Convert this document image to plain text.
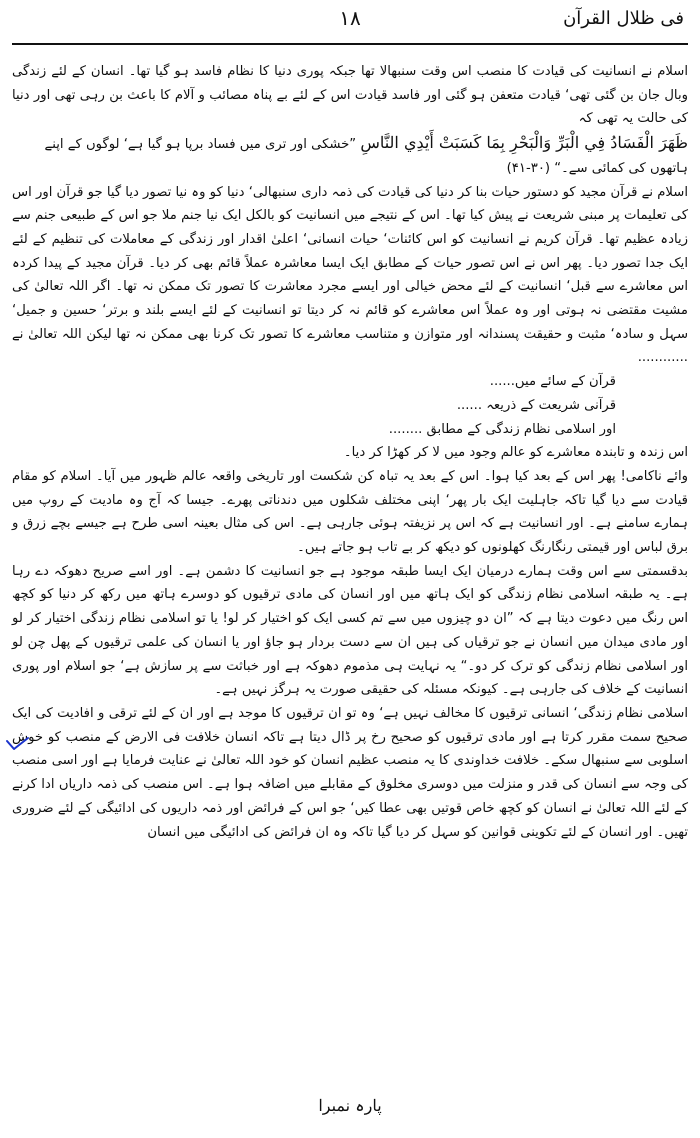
۱۸	فی ظلال القرآن

اسلام نے انسانیت کی قیادت کا منصب اس وقت سنبھالا تھا جبکہ پوری دنیا کا نظام فاسد ہو گیا تھا۔ انسان کے لئے زندگی وبال جان بن گئی تھی‘ قیادت متعفن ہو گئی اور فاسد قیادت اس کے لئے بے پناہ مصائب و آلام کا باعث بن رہی تھی اور دنیا کی حالت یہ تھی کہ

ظَهَرَ الْفَسَادُ فِي الْبَرِّ وَالْبَحْرِ بِمَا كَسَبَتْ أَيْدِي النَّاسِ ”خشکی اور تری میں فساد برپا ہو گیا ہے‘ لوگوں کے اپنے ہاتھوں کی کمائی سے۔“ (۳۰-۴۱)

اسلام نے قرآن مجید کو دستور حیات بنا کر دنیا کی قیادت کی ذمہ داری سنبھالی‘ دنیا کو وہ نیا تصور دیا گیا جو قرآن اور اس کی تعلیمات پر مبنی شریعت نے پیش کیا تھا۔ اس کے نتیجے میں انسانیت کو بالکل ایک نیا جنم ملا جو اس کے طبیعی جنم سے زیادہ عظیم تھا۔ قرآن کریم نے انسانیت کو اس کائنات‘ حیات انسانی‘ اعلیٰ اقدار اور زندگی کے معاملات کی تنظیم کے لئے ایک جدا تصور دیا۔ پھر اس نے اس تصور حیات کے مطابق ایک ایسا معاشرہ عملاً قائم بھی کر دیا۔ قرآن مجید کے پیدا کردہ اس معاشرے سے قبل‘ انسانیت کے لئے محض خیالی اور ایسے مجرد معاشرت کا تصور تک ممکن نہ تھا۔ اگر اللہ تعالیٰ کی مشیت مقتضی نہ ہوتی اور وہ عملاً اس معاشرے کو قائم نہ کر دیتا تو انسانیت کے لئے ایسے بلند و برتر‘ حسین و جمیل‘ سہل و سادہ‘ مثبت و حقیقت پسندانہ اور متوازن و متناسب معاشرے کا تصور تک کرنا بھی ممکن نہ تھا لیکن اللہ تعالیٰ نے ............

قرآن کے سائے میں......
قرآنی شریعت کے ذریعہ ......
اور اسلامی نظام زندگی کے مطابق ........

اس زندہ و تابندہ معاشرے کو عالم وجود میں لا کر کھڑا کر دیا۔

وائے ناکامی! پھر اس کے بعد کیا ہوا۔ اس کے بعد یہ تباہ کن شکست اور تاریخی واقعہ عالم ظہور میں آیا۔ اسلام کو مقام قیادت سے دیا گیا تاکہ جاہلیت ایک بار پھر‘ اپنی مختلف شکلوں میں دندناتی پھرے۔ جیسا کہ آج وہ مادیت کے روپ میں ہمارے سامنے ہے۔ اور انسانیت ہے کہ اس پر نزیفتہ ہوئی جارہی ہے۔ اس کی مثال بعینہ اسی طرح ہے جیسے بچے زرق و برق لباس اور قیمتی رنگارنگ کھلونوں کو دیکھ کر بے تاب ہو جاتے ہیں۔

بدقسمتی سے اس وقت ہمارے درمیان ایک ایسا طبقہ موجود ہے جو انسانیت کا دشمن ہے۔ اور اسے صریح دھوکہ دے رہا ہے۔ یہ طبقہ اسلامی نظام زندگی کو ایک ہاتھ میں اور انسان کی مادی ترقیوں کو دوسرے ہاتھ میں رکھ کر دنیا کو کچھ اس رنگ میں دعوت دیتا ہے کہ ”ان دو چیزوں میں سے تم کسی ایک کو اختیار کر لو! یا تو اسلامی نظام زندگی اختیار کر لو اور مادی میدان میں انسان نے جو ترقیاں کی ہیں ان سے دست بردار ہو جاؤ اور یا انسان کی علمی ترقیوں کے پھل چن لو اور اسلامی نظام زندگی کو ترک کر دو۔“ یہ نہایت ہی مذموم دھوکہ ہے اور خباثت سے پر سازش ہے‘ جو اسلام اور پوری انسانیت کے خلاف کی جارہی ہے۔ کیونکہ مسئلہ کی حقیقی صورت یہ ہرگز نہیں ہے۔

اسلامی نظام زندگی‘ انسانی ترقیوں کا مخالف نہیں ہے‘ وہ تو ان ترقیوں کا موجد ہے اور ان کے لئے ترقی و افادیت کی ایک صحیح سمت مقرر کرتا ہے اور مادی ترقیوں کو صحیح رخ پر ڈال دیتا ہے تاکہ انسان خلافت فی الارض کے منصب کو خوش اسلوبی سے سنبھال سکے۔ خلافت خداوندی کا یہ منصب عظیم انسان کو خود اللہ تعالیٰ نے عنایت فرمایا ہے اور اسی منصب کی وجہ سے انسان کی قدر و منزلت میں دوسری مخلوق کے مقابلے میں اضافہ ہوا ہے۔ اس منصب کی ذمہ داریاں ادا کرنے کے لئے اللہ تعالیٰ نے انسان کو کچھ خاص قوتیں بھی عطا کیں‘ جو اس کے فرائض اور ذمہ داریوں کی ادائیگی کے لئے ضروری تھیں۔ اور انسان کے لئے تکوینی قوانین کو سہل کر دیا گیا تاکہ وہ ان فرائض کی ادائیگی میں انسان

پارہ نمبرا
